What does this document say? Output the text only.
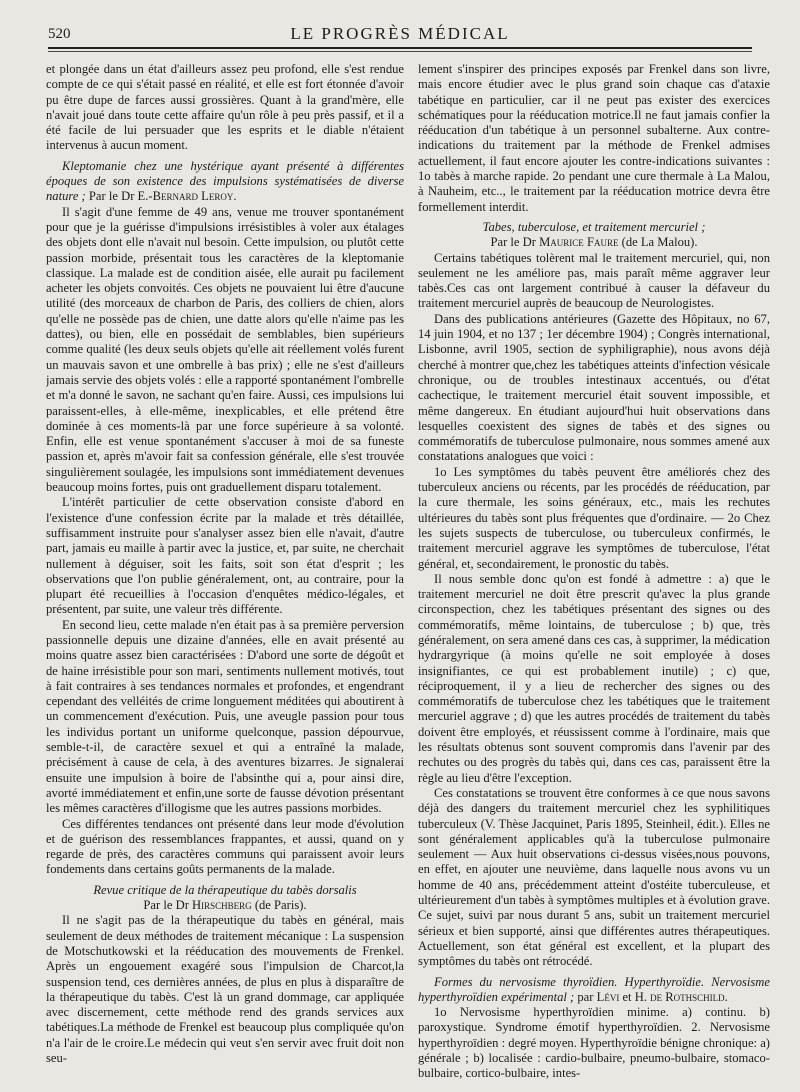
520	LE PROGRÈS MÉDICAL

et plongée dans un état d'ailleurs assez peu profond, elle s'est rendue compte de ce qui s'était passé en réalité, et elle est fort étonnée d'avoir pu être dupe de farces aussi grossières. Quant à la grand'mère, elle n'avait joué dans toute cette affaire qu'un rôle à peu près passif, et il a été facile de lui persuader que les esprits et le diable n'étaient intervenus à aucun moment.

Kleptomanie chez une hystérique ayant présenté à différentes époques de son existence des impulsions systématisées de diverse nature ; Par le Dr E.-Bernard Leroy.

Il s'agit d'une femme de 49 ans, venue me trouver spontanément pour que je la guérisse d'impulsions irrésistibles à voler aux étalages des objets dont elle n'avait nul besoin. Cette impulsion, ou plutôt cette passion morbide, présentait tous les caractères de la kleptomanie classique. La malade est de condition aisée, elle aurait pu facilement acheter les objets convoités. Ces objets ne pouvaient lui être d'aucune utilité (des morceaux de charbon de Paris, des colliers de chien, alors qu'elle ne possède pas de chien, une datte alors qu'elle n'aime pas les dattes), ou bien, elle en possédait de semblables, bien supérieurs comme qualité (les deux seuls objets qu'elle ait réellement volés furent un mauvais savon et une ombrelle à bas prix) ; elle ne s'est d'ailleurs jamais servie des objets volés : elle a rapporté spontanément l'ombrelle et m'a donné le savon, ne sachant qu'en faire. Aussi, ces impulsions lui paraissent-elles, à elle-même, inexplicables, et elle prétend être dominée à ces moments-là par une force supérieure à sa volonté. Enfin, elle est venue spontanément s'accuser à moi de sa funeste passion et, après m'avoir fait sa confession générale, elle s'est trouvée singulièrement soulagée, les impulsions sont immédiatement devenues beaucoup moins fortes, puis ont graduellement disparu totalement.

L'intérêt particulier de cette observation consiste d'abord en l'existence d'une confession écrite par la malade et très détaillée, suffisamment instruite pour s'analyser assez bien elle n'avait, d'autre part, jamais eu maille à partir avec la justice, et, par suite, ne cherchait nullement à déguiser, soit les faits, soit son état d'esprit ; les observations que l'on publie généralement, ont, au contraire, pour la plupart été recueillies à l'occasion d'enquêtes médico-légales, et présentent, par suite, une valeur très différente.

En second lieu, cette malade n'en était pas à sa première perversion passionnelle depuis une dizaine d'années, elle en avait présenté au moins quatre assez bien caractérisées : D'abord une sorte de dégoût et de haine irrésistible pour son mari, sentiments nullement motivés, tout à fait contraires à ses tendances normales et profondes, et engendrant cependant des velléités de crime longuement méditées qui aboutirent à un commencement d'exécution. Puis, une aveugle passion pour tous les individus portant un uniforme quelconque, passion dépourvue, semble-t-il, de caractère sexuel et qui a entraîné la malade, précisément à cause de cela, à des aventures bizarres. Je signalerai ensuite une impulsion à boire de l'absinthe qui a, pour ainsi dire, avorté immédiatement et enfin,une sorte de fausse dévotion présentant les mêmes caractères d'illogisme que les autres passions morbides.

Ces différentes tendances ont présenté dans leur mode d'évolution et de guérison des ressemblances frappantes, et aussi, quand on y regarde de près, des caractères communs qui paraissent avoir leurs fondements dans certains goûts permanents de la malade.

Revue critique de la thérapeutique du tabès dorsalis

Par le Dr Hirschberg (de Paris).

Il ne s'agit pas de la thérapeutique du tabès en général, mais seulement de deux méthodes de traitement mécanique : La suspension de Motschutkowski et la rééducation des mouvements de Frenkel. Après un engouement exagéré sous l'impulsion de Charcot,la suspension tend, ces dernières années, de plus en plus à disparaître de la thérapeutique du tabès. C'est là un grand dommage, car appliquée avec discernement, cette méthode rend des grands services aux tabétiques.La méthode de Frenkel est beaucoup plus compliquée qu'on n'a l'air de le croire.Le médecin qui veut s'en servir avec fruit doit non seu-

lement s'inspirer des principes exposés par Frenkel dans son livre, mais encore étudier avec le plus grand soin chaque cas d'ataxie tabétique en particulier, car il ne peut pas exister des exercices schématiques pour la rééducation motrice.Il ne faut jamais confier la rééducation d'un tabétique à un personnel subalterne. Aux contre-indications du traitement par la méthode de Frenkel admises actuellement, il faut encore ajouter les contre-indications suivantes : 1o tabès à marche rapide. 2o pendant une cure thermale à La Malou, à Nauheim, etc.., le traitement par la rééducation motrice devra être formellement interdit.

Tabes, tuberculose, et traitement mercuriel ;

Par le Dr Maurice Faure (de La Malou).

Certains tabétiques tolèrent mal le traitement mercuriel, qui, non seulement ne les améliore pas, mais paraît même aggraver leur tabès.Ces cas ont largement contribué à causer la défaveur du traitement mercuriel auprès de beaucoup de Neurologistes.

Dans des publications antérieures (Gazette des Hôpitaux, no 67, 14 juin 1904, et no 137 ; 1er décembre 1904) ; Congrès international, Lisbonne, avril 1905, section de syphiligraphie), nous avons déjà cherché à montrer que,chez les tabétiques atteints d'infection vésicale chronique, ou de troubles intestinaux accentués, ou d'état cachectique, le traitement mercuriel était souvent impossible, et même dangereux. En étudiant aujourd'hui huit observations dans lesquelles coexistent des signes de tabès et des signes ou commémoratifs de tuberculose pulmonaire, nous sommes amené aux constatations analogues que voici :

1o Les symptômes du tabès peuvent être améliorés chez des tuberculeux anciens ou récents, par les procédés de rééducation, par la cure thermale, les soins généraux, etc., mais les rechutes ultérieures du tabès sont plus fréquentes que d'ordinaire. — 2o Chez les sujets suspects de tuberculose, ou tuberculeux confirmés, le traitement mercuriel aggrave les symptômes de tuberculose, l'état général, et, secondairement, le pronostic du tabès.

Il nous semble donc qu'on est fondé à admettre : a) que le traitement mercuriel ne doit être prescrit qu'avec la plus grande circonspection, chez les tabétiques présentant des signes ou des commémoratifs, même lointains, de tuberculose ; b) que, très généralement, on sera amené dans ces cas, à supprimer, la médication hydrargyrique (à moins qu'elle ne soit employée à doses insignifiantes, ce qui est probablement inutile) ; c) que, réciproquement, il y a lieu de rechercher des signes ou des commémoratifs de tuberculose chez les tabétiques que le traitement mercuriel aggrave ; d) que les autres procédés de traitement du tabès doivent être employés, et réussissent comme à l'ordinaire, mais que les résultats obtenus sont souvent compromis dans l'avenir par des rechutes ou des progrès du tabès qui, dans ces cas, paraissent être la règle au lieu d'être l'exception.

Ces constatations se trouvent être conformes à ce que nous savons déjà des dangers du traitement mercuriel chez les syphilitiques tuberculeux (V. Thèse Jacquinet, Paris 1895, Steinheil, édit.). Elles ne sont généralement applicables qu'à la tuberculose pulmonaire seulement — Aux huit observations ci-dessus visées,nous pouvons, en effet, en ajouter une neuvième, dans laquelle nous avons vu un homme de 40 ans, précédemment atteint d'ostéite tuberculeuse, et ultérieurement d'un tabès à symptômes multiples et à évolution grave. Ce sujet, suivi par nous durant 5 ans, subit un traitement mercuriel sérieux et bien supporté, ainsi que différentes autres thérapeutiques. Actuellement, son état général est excellent, et la plupart des symptômes du tabès ont rétrocédé.

Formes du nervosisme thyroïdien. Hyperthyroïdie. Nervosisme hyperthyroïdien expérimental ; par Lévi et H. de Rothschild.

1o Nervosisme hyperthyroïdien minime. a) continu. b) paroxystique. Syndrome émotif hyperthyroïdien. 2. Nervosisme hyperthyroïdien : degré moyen. Hyperthyroïdie bénigne chronique: a) générale ; b) localisée : cardio-bulbaire, pneumo-bulbaire, stomaco-bulbaire, cortico-bulbaire, intes-
